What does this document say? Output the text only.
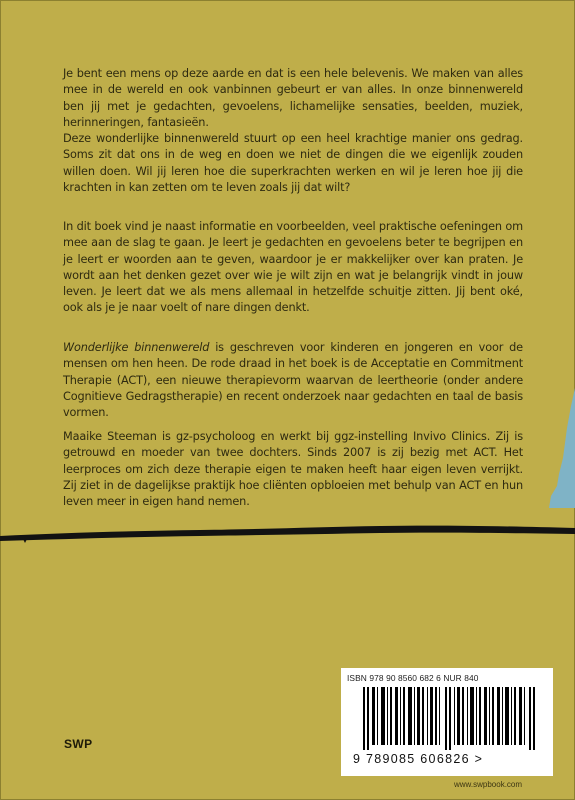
Je bent een mens op deze aarde en dat is een hele belevenis. We maken van alles mee in de wereld en ook vanbinnen gebeurt er van alles. In onze binnenwereld ben jij met je gedachten, gevoelens, lichamelijke sensaties, beelden, muziek, herinneringen, fantasieën.

Deze wonderlijke binnenwereld stuurt op een heel krachtige manier ons gedrag. Soms zit dat ons in de weg en doen we niet de dingen die we eigenlijk zouden willen doen. Wil jij leren hoe die superkrachten werken en wil je leren hoe jij die krachten in kan zetten om te leven zoals jij dat wilt?

In dit boek vind je naast informatie en voorbeelden, veel praktische oefeningen om mee aan de slag te gaan. Je leert je gedachten en gevoelens beter te begrijpen en je leert er woorden aan te geven, waardoor je er makkelijker over kan praten. Je wordt aan het denken gezet over wie je wilt zijn en wat je belangrijk vindt in jouw leven. Je leert dat we als mens allemaal in hetzelfde schuitje zitten. Jij bent oké, ook als je je naar voelt of nare dingen denkt.

Wonderlijke binnenwereld is geschreven voor kinderen en jongeren en voor de mensen om hen heen. De rode draad in het boek is de Acceptatie en Commitment Therapie (ACT), een nieuwe therapievorm waarvan de leertheorie (onder andere Cognitieve Gedragstherapie) en recent onderzoek naar gedachten en taal de basis vormen.

Maaike Steeman is gz-psycholoog en werkt bij ggz-instelling Invivo Clinics. Zij is getrouwd en moeder van twee dochters. Sinds 2007 is zij bezig met ACT. Het leerproces om zich deze therapie eigen te maken heeft haar eigen leven verrijkt. Zij ziet in de dagelijkse praktijk hoe cliënten opbloeien met behulp van ACT en hun leven meer in eigen hand nemen.

ISBN 978 90 8560 682 6 NUR 840
9 789085 606826 >
SWP
www.swpbook.com
